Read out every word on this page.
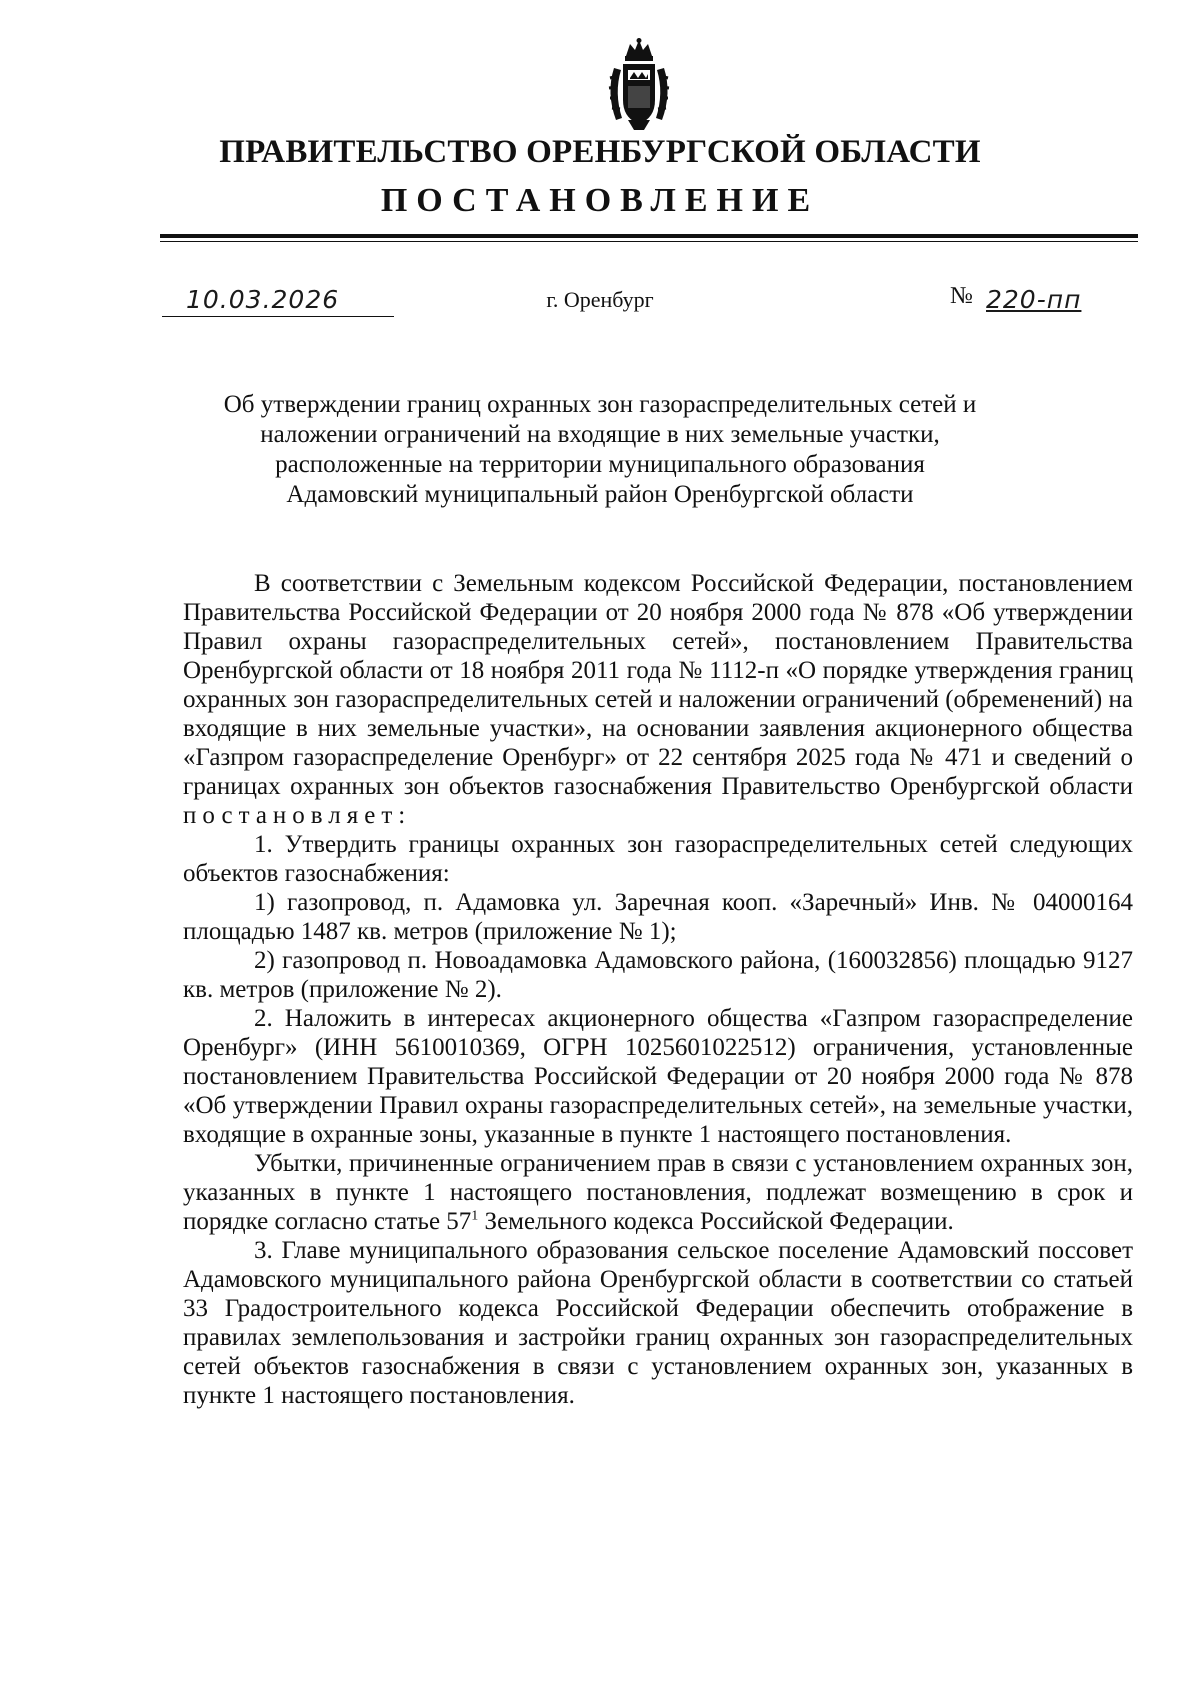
ПРАВИТЕЛЬСТВО ОРЕНБУРГСКОЙ ОБЛАСТИ
ПОСТАНОВЛЕНИЕ
10.03.2026	г. Оренбург	№ 220-пп
Об утверждении границ охранных зон газораспределительных сетей и
наложении ограничений на входящие в них земельные участки,
расположенные на территории муниципального образования
Адамовский муниципальный район Оренбургской области

В соответствии с Земельным кодексом Российской Федерации, постановлением Правительства Российской Федерации от 20 ноября 2000 года № 878 «Об утверждении Правил охраны газораспределительных сетей», постановлением Правительства Оренбургской области от 18 ноября 2011 года № 1112-п «О порядке утверждения границ охранных зон газораспределительных сетей и наложении ограничений (обременений) на входящие в них земельные участки», на основании заявления акционерного общества «Газпром газораспределение Оренбург» от 22 сентября 2025 года № 471 и сведений о границах охранных зон объектов газоснабжения Правительство Оренбургской области постановляет:

1. Утвердить границы охранных зон газораспределительных сетей следующих объектов газоснабжения:

1) газопровод, п. Адамовка ул. Заречная кооп. «Заречный» Инв. № 04000164 площадью 1487 кв. метров (приложение № 1);

2) газопровод п. Новоадамовка Адамовского района, (160032856) площадью 9127 кв. метров (приложение № 2).

2. Наложить в интересах акционерного общества «Газпром газораспределение Оренбург» (ИНН 5610010369, ОГРН 1025601022512) ограничения, установленные постановлением Правительства Российской Федерации от 20 ноября 2000 года № 878 «Об утверждении Правил охраны газораспределительных сетей», на земельные участки, входящие в охранные зоны, указанные в пункте 1 настоящего постановления.

Убытки, причиненные ограничением прав в связи с установлением охранных зон, указанных в пункте 1 настоящего постановления, подлежат возмещению в срок и порядке согласно статье $57^1$ Земельного кодекса Российской Федерации.

3. Главе муниципального образования сельское поселение Адамовский поссовет Адамовского муниципального района Оренбургской области в соответствии со статьей 33 Градостроительного кодекса Российской Федерации обеспечить отображение в правилах землепользования и застройки границ охранных зон газораспределительных сетей объектов газоснабжения в связи с установлением охранных зон, указанных в пункте 1 настоящего постановления.
